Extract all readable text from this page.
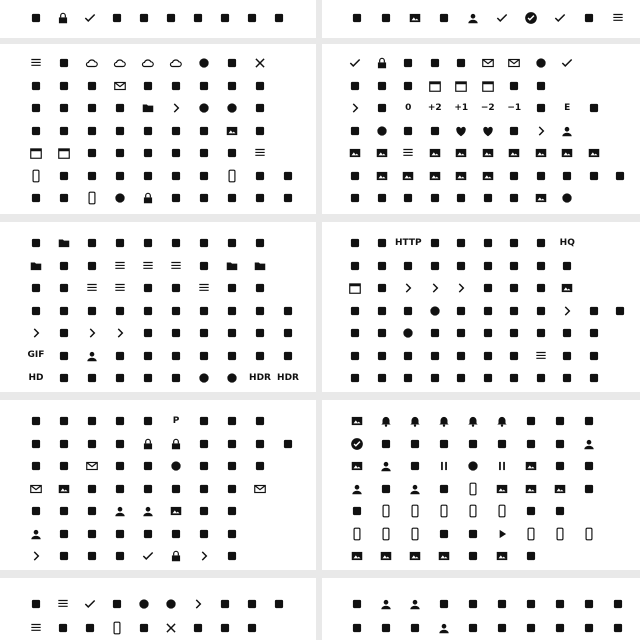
0 +2 +1 −2 −1	E
GIF
HD	HDR HDR
HTTP	HQ
P
